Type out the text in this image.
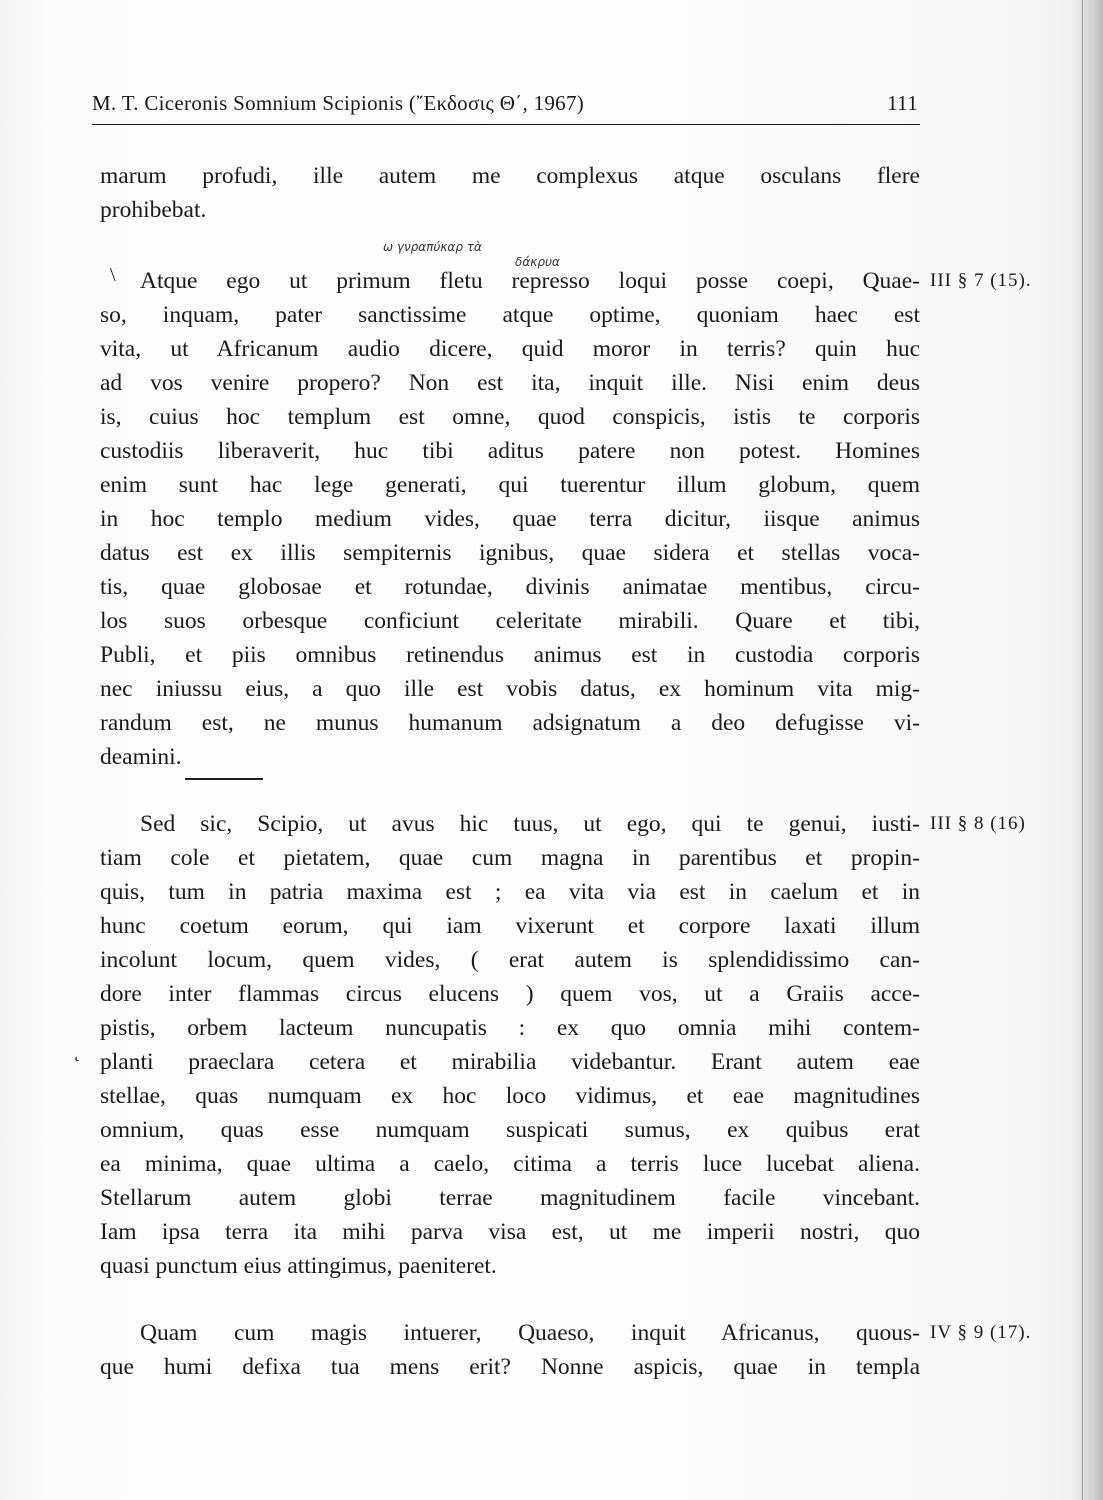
M. T. Ciceronis Somnium Scipionis (῎Εκδοσις Θ΄, 1967)	111
marum profudi, ille autem me complexus atque osculans flere
prohibebat.
ω γνραπύκαρ τὰ
δάκρυα
\ Atque ego ut primum fletu represso loqui posse coepi, Quae- III § 7 (15).
so, inquam, pater sanctissime atque optime, quoniam haec est
vita, ut Africanum audio dicere, quid moror in terris? quin huc
ad vos venire propero? Non est ita, inquit ille. Nisi enim deus
is, cuius hoc templum est omne, quod conspicis, istis te corporis
custodiis liberaverit, huc tibi aditus patere non potest. Homines
enim sunt hac lege generati, qui tuerentur illum globum, quem
in hoc templo medium vides, quae terra dicitur, iisque animus
datus est ex illis sempiternis ignibus, quae sidera et stellas voca-
tis, quae globosae et rotundae, divinis animatae mentibus, circu-
los suos orbesque conficiunt celeritate mirabili. Quare et tibi,
Publi, et piis omnibus retinendus animus est in custodia corporis
nec iniussu eius, a quo ille est vobis datus, ex hominum vita mig-
randum est, ne munus humanum adsignatum a deo defugisse vi-
deamini.
Sed sic, Scipio, ut avus hic tuus, ut ego, qui te genui, iusti- III § 8 (16)
tiam cole et pietatem, quae cum magna in parentibus et propin-
quis, tum in patria maxima est ; ea vita via est in caelum et in
hunc coetum eorum, qui iam vixerunt et corpore laxati illum
incolunt locum, quem vides, ( erat autem is splendidissimo can-
dore inter flammas circus elucens ) quem vos, ut a Graiis acce-
pistis, orbem lacteum nuncupatis : ex quo omnia mihi contem-
˛ planti praeclara cetera et mirabilia videbantur. Erant autem eae
stellae, quas numquam ex hoc loco vidimus, et eae magnitudines
omnium, quas esse numquam suspicati sumus, ex quibus erat
ea minima, quae ultima a caelo, citima a terris luce lucebat aliena.
Stellarum autem globi terrae magnitudinem facile vincebant.
Iam ipsa terra ita mihi parva visa est, ut me imperii nostri, quo
quasi punctum eius attingimus, paeniteret.
Quam cum magis intuerer, Quaeso, inquit Africanus, quous- IV § 9 (17).
que humi defixa tua mens erit? Nonne aspicis, quae in templa
